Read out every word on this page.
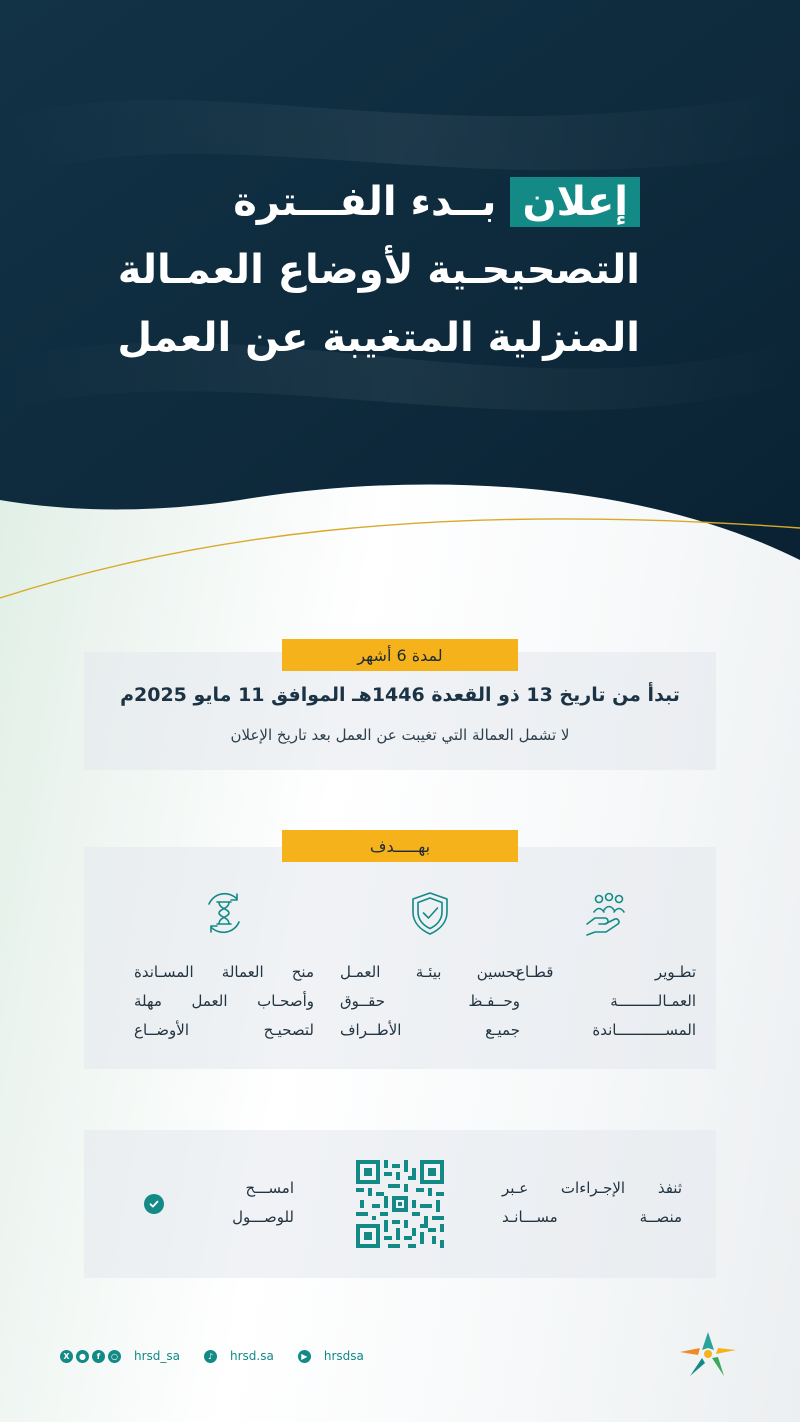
إعلانبــدء الفـــترة
التصحيحـية لأوضاع العمـالة
المنزلية المتغيبة عن العمل
لمدة 6 أشهر
تبدأ من تاريخ 13 ذو القعدة 1446هـ الموافق 11 مايو 2025م
لا تشمل العمالة التي تغيبت عن العمل بعد تاريخ الإعلان
بهـــــدف
تطـوير قطـاع
العمـالـــــــــة
المســـــــــــاندة
تحسين بيئـة العمـل
وحــفـظ حقــوق
جميـع الأطــراف
منح العمالة المسـاندة
وأصحـاب العمل مهلة
لتصحيـح الأوضــاع
ثنفذ الإجـراءات عـبر
منصــة مســـانـد
امســـح
للوصـــول
X	●	f	○ hrsd_sa	♪	hrsd.sa	▶ hrsdsa
